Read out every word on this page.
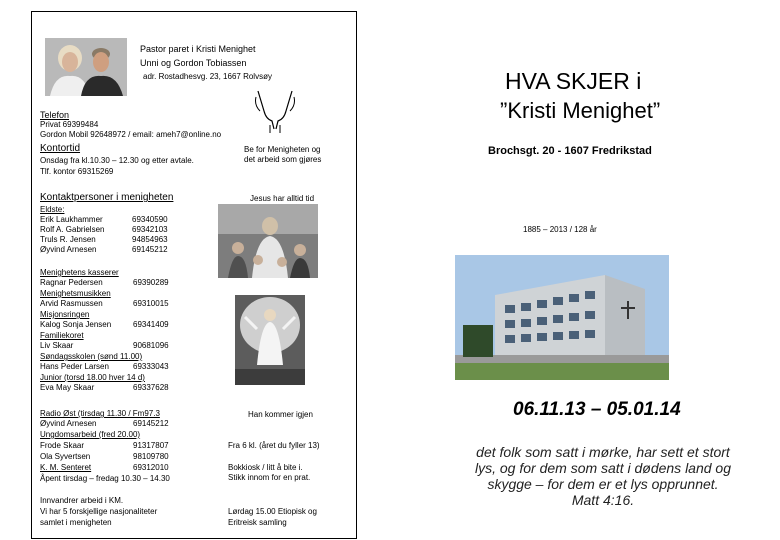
Pastor paret i Kristi Menighet
Unni og Gordon Tobiassen
adr. Rostadhesvg. 23, 1667 Rolvsøy
Telefon
Privat 69399484
Gordon Mobil 92648972 / email: ameh7@online.no
Kontortid
Onsdag fra kl.10.30 – 12.30 og etter avtale.
Tlf. kontor 69315269
Be for Menigheten og
det arbeid som gjøres
Kontaktpersoner i menigheten	Jesus har alltid tid
Eldste:
Erik Laukhammer	69340590
Rolf A. Gabrielsen	69342103
Truls R. Jensen	94854963
Øyvind Arnesen	69145212
Menighetens kasserer
Ragnar Pedersen	69390289
Menighetsmusikken
Arvid Rasmussen	69310015
Misjonsringen
Kalog Sonja Jensen	69341409
Familiekoret
Liv Skaar	90681096
Søndagsskolen (sønd 11.00)
Hans Peder Larsen	69333043
Junior (torsd 18.00 hver 14 d)
Eva May Skaar	69337628
Radio Øst (tirsdag 11.30 / Fm97.3
Øyvind Arnesen	69145212
Ungdomsarbeid (fred 20.00)
Frode Skaar	91317807
Ola Syvertsen	98109780
K. M. Senteret	69312010
Åpent tirsdag – fredag 10.30 – 14.30
Han kommer igjen
Fra 6 kl. (året du fyller 13)
Bokkiosk / litt å bite i.
Stikk innom for en prat.
Innvandrer arbeid i KM.
Vi har 5 forskjellige nasjonaliteter
samlet i menigheten
Lørdag 15.00 Etiopisk og
Eritreisk samling
HVA SKJER i
”Kristi Menighet”
Brochsgt. 20 - 1607 Fredrikstad
1885 – 2013 / 128 år
06.11.13 – 05.01.14
det folk som satt i mørke, har sett et stort
lys, og for dem som satt i dødens land og
skygge – for dem er et lys opprunnet.
Matt 4:16.
